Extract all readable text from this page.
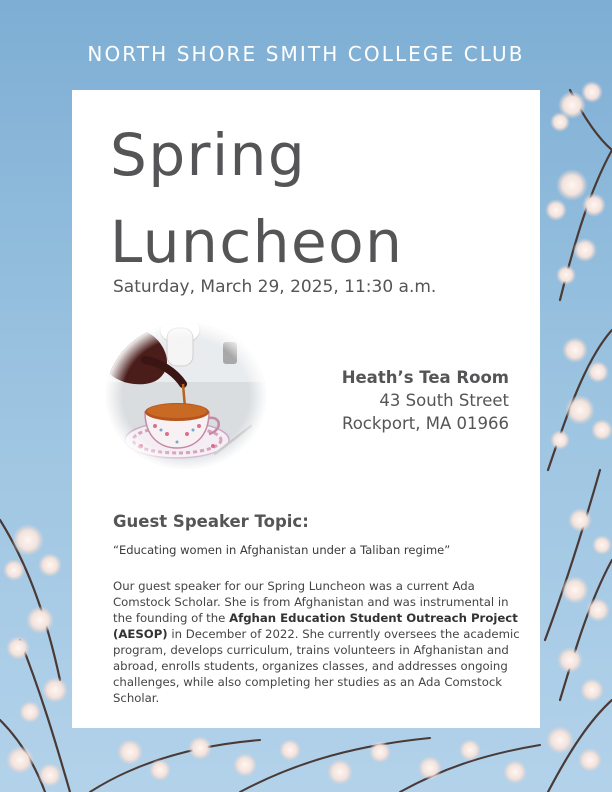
NORTH SHORE SMITH COLLEGE CLUB
Spring
Luncheon
Saturday, March 29, 2025, 11:30 a.m.
Heath’s Tea Room
43 South Street
Rockport, MA 01966
Guest Speaker Topic:
“Educating women in Afghanistan under a Taliban regime”

Our guest speaker for our Spring Luncheon was a current Ada Comstock Scholar. She is from Afghanistan and was instrumental in the founding of the Afghan Education Student Outreach Project (AESOP) in December of 2022. She currently oversees the academic program, develops curriculum, trains volunteers in Afghanistan and abroad, enrolls students, organizes classes, and addresses ongoing challenges, while also completing her studies as an Ada Comstock Scholar.
